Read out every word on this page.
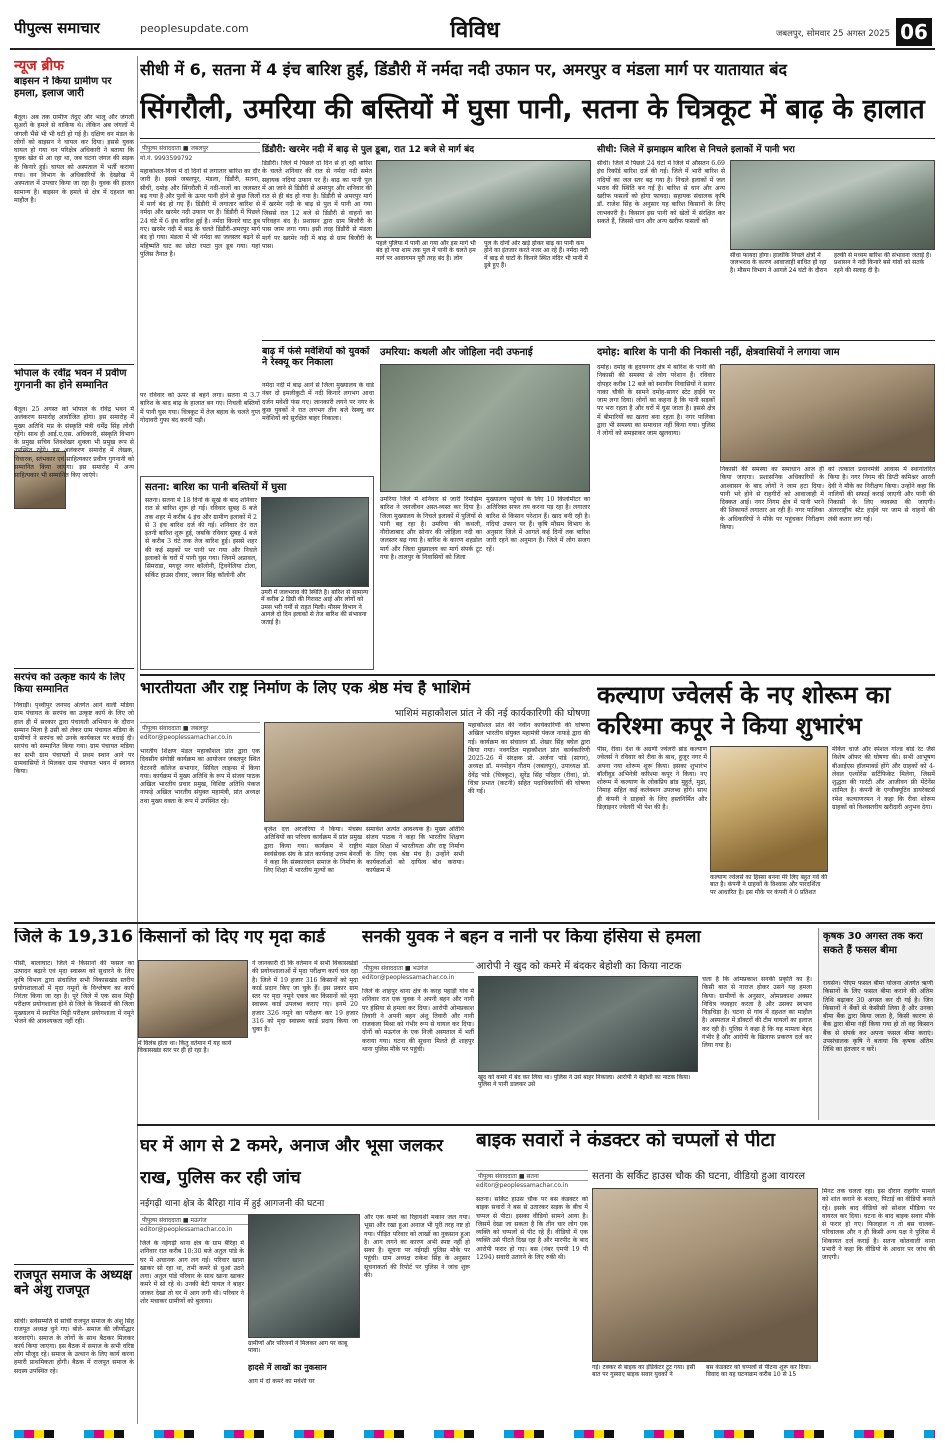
पीपुल्स समाचार	peoplesupdate.com	विविध	जबलपुर, सोमवार 25 अगस्त 2025 06
न्यूज ब्रीफ
बाइसन ने किया ग्रामीण पर हमला, इलाज जारी
बैतूल। अब तक ग्रामीण तेंदुए और भालू और जंगली सुअरों के हमले से वाकिफ थे। लेकिन अब जंगलों में जंगली भैंसे भी भी घटी हो गई है। दक्षिण वन मंडल के लोगों को बाइसन ने घायल कर दिया। इससे युवक घायल हो गया वन परिक्षेत्र अधिकारी ने बताया कि युवक खेत से आ रहा था, जब घटना जंगल की सड़क के किनारे हुई। घायल को अस्पताल में भर्ती कराया गया। वन विभाग के अधिकारियों के देखरेख में अस्पताल में उपचार किया जा रहा है। युवक की हालत सामान्य है। बाइसन के हमले से क्षेत्र में दहशत का माहौल है।
भोपाल के रवींद्र भवन में प्रवीण गुगनानी का होने सम्मानित
बैतूल। 25 अगस्त को भोपाल के रविंद्र भवन में अलंकरण समारोह आयोजित होगा। इस समारोह में मुख्य अतिथि मप्र के संस्कृति मंत्री धर्मेंद्र सिंह लोधी रहेंगे। साथ ही आई.ए.एस. अधिकारी, संस्कृति विभाग के प्रमुख सचिव शिवशेखर शुक्ला भी प्रमुख रूप से उपस्थित रहेंगे। इस अलंकरण समारोह में लेखक, विचारक, स्तंभकार एवं साहित्यकार प्रवीण गुगनानी को सम्मानित किया जाएगा। इस समारोह में अन्य साहित्यकार भी सम्मानित किए जाएंगे।
सरपंच को उत्कृष्ट कार्य के लिए किया सम्मानित
निवाड़ी। पृथ्वीपुर जनपद अंतर्गत आने वाली मडिया ग्राम पंचायत के सरपंच का उत्कृष्ट कार्य के लिए जो हाल ही में सरकार द्वारा पंचायती अभियान के दौरान सम्मान मिला है उसी को लेकर ग्राम पंचायत मडिया के ग्रामीणों ने सरपंच को उनके कार्यकाल पर बधाई दी। सरपंच को सम्मानित किया गया। ग्राम पंचायत मडिया का सभी ग्राम पंचायतों में प्रथम स्थान आने पर ग्रामवासियों ने मिलकर ग्राम पंचायत भवन में स्वागत किया।
राजपूत समाज के अध्यक्ष बने अंशु राजपूत
सांची। सर्वसम्मति से सांची राजपूत समाज के अंशु सिंह राजपूत अध्यक्ष चुने गए। बोले- समाज की जीर्णोद्धार करवाएंगे। समाज के लोगों के साथ बैठकर मिलकर कार्य किया जाएगा। इस बैठक में समाज के सभी वरिष्ठ लोग मौजूद रहे। समाज के उत्थान के लिए कार्य करना हमारी प्राथमिकता होगी। बैठक में राजपूत समाज के सदस्य उपस्थित रहे।
सीधी में 6, सतना में 4 इंच बारिश हुई, डिंडौरी में नर्मदा नदी उफान पर, अमरपुर व मंडला मार्ग पर यातायात बंद
सिंगरौली, उमरिया की बस्तियों में घुसा पानी, सतना के चित्रकूट में बाढ़ के हालात
पीपुल्स संवाददाता ■ जबलपुर
मो.नं. 9993599792
महाकोशल-विंध्य में दो दिनों से लगातार बारिश का दौर जारी है। इससे जबलपुर, मंडला, डिंडौरी, सतना, सीधी, दमोह और सिंगरौली में नदी-नालों का जलस्तर बढ़ गया है और पुलों के ऊपर पानी होने से कुछ जिलों में मार्ग बंद हो गए हैं। डिंडौरी में लगातार बारिश से नर्मदा और खरमेर नदी उफान पर हैं। डिंडौरी में पिछले 24 घंटे में 6 इंच बारिश हुई है। नर्मदा किनारे घाट डूब गए। खरमेर नदी में बाढ़ के चलते डिंडौरी-अमरपुर मार्ग बंद हो गया। मंडला में भी नर्मदा का जलस्तर बढ़ने से महिष्मति घाट का छोटा रपटा पुल डूब गया। यहां पुलिस तैनात है।
डिंडौरी: खरमेर नदी में बाढ़ से पुल डूबा, रात 12 बजे से मार्ग बंद
डिंडौरी। जिले में पिछले दो दिन से हो रही बारिश के चलते शनिवार की रात से नर्मदा नदी समेत सहायक नदियां उफान पर हैं। बाढ़ का पानी पुल में आ जाने से डिंडौरी से अमरपुर और शनिवार की रात से ही बंद हो गया है। डिंडौरी से अमरपुर मार्ग में खरमेर नदी के बाढ़ से पुल में पानी आ गया जिससे रात 12 बजे से डिंडौरी से वाहनों का परिवहन बंद है। प्रशासन द्वारा ग्राम बिजौरी के पास जाम लगा गया। इसी तरह डिंडौरी से मंडला मार्ग पर खरमेर नदी में बाढ़ से ग्राम बिजौरी के पास।	पहले पुलिया में पानी आ गया और इस मार्ग भी बंद हो गया शाम तक पुल में पानी के चलते हम मार्ग पर आवागमन पूरी तरह बंद है। लोग
पुल के दोनों ओर खड़े होकर बाढ़ का पानी कम होने का इंतजार करते नजर आ रहे हैं। नर्मदा नदी में बाढ़ से घाटों के किनारे स्थित मंदिर भी पानी में डूबे हुए हैं।
सीधी: जिले में झमाझम बारिश से निचले इलाकों में पानी भरा
सीधी। जिले में पिछले 24 घंटों में जिले में औसतन 6.69 इंच रिकॉर्ड बारिश दर्ज की गई। जिले में भारी बारिश से नदियों का जल स्तर बढ़ गया है। निचले इलाकों में जल भराव की स्थिति बन गई है। बारिश से धान और अन्य खरीफ फसलों को होगा फायदा। सहायक संचालक कृषि डॉ. राजेश सिंह के अनुसार यह बारिश किसानों के लिए लाभकारी है। किसान इस पानी को खेतों में संरक्षित कर सकते हैं, जिससे धान और अन्य खरीफ फसलों को
सीधा फायदा होगा। हालांकि निचले क्षेत्रों में जलभराव के कारण आवाजाही बाधित हो रहा है। मौसम विभाग ने आगले 24 घंटों के दौरान
हल्की से मध्यम बारिश की संभावना जताई है। प्रशासन ने नदी किनारे बसे गांवों को सतर्क रहने की सलाह दी है।
बाढ़ में फंसे मवेशियों को युवकों ने रेस्क्यू कर निकाला
नर्मदा नदी में बाढ़ आने से जिला मुख्यालय के वार्ड नंबर दो इमलीकुटी में नदी किनारे लगभग आधा दर्जन मवेशी फंस गए। जानकारी लगने पर नगर के कुछ युवकों ने रात लगभग तीन बजे रेस्क्यू कर मवेशियों को सुरक्षित बाहर निकाला।
पर रविवार को ऊपर से बहने लगा। सतना में 3.7 बारिश के बाद बाढ़ के हालात बन गए। निचली बस्तियों में पानी घुस गया। चित्रकूट में तेज बहाव के चलते गुप्त गोदावरी गुफा बंद करनी पड़ी।
सतना: बारिश का पानी बस्तियों में घुसा
सतना। सतना में 18 दिनों के सूखे के बाद शनिवार रात से बारिश शुरू हो गई। रविवार सुबह 8 बजे तक शहर में करीब 4 इंच और ग्रामीण इलाकों में 2 से 3 इंच बारिश दर्ज की गई। शनिवार देर रात इतनी बारिश शुरू हुई, जबकि रविवार सुबह 4 बजे से करीब 3 घंटे तक तेज बारिश हुई। इससे शहर की कई सड़कों पर पानी भर गया और निचले इलाकों के घरों में पानी घुस गया। जिनमें अप्रावल, सिमराडा, मगदूर नगर कॉलोनी, ट्रिवनेलिया टोला, सर्किट हाउस दीवार, जवान सिंह कॉलोनी और
उमरी में जलभराव की स्थिति है। बारिश से सामान्य में करीब 2 डिग्री की गिरावट आई और लोगों को उमस भरी गर्मी से राहत मिली। मौसम विभाग ने आगले दो दिन इलाकों से तेज बारिश की संभावना जताई है।
उमरिया: कथली और जोहिला नदी उफनाई
उमरिया जिले में शनिवार से जारी रिमझिम बारिश ने जनजीवन अस्त-व्यस्त कर दिया है। जिला मुख्यालय के निचले इलाकों में पुलियों से पानी बह रहा है। उमरिया की कथली, नौरोजाबाद और सोनार की जोहिला नदी का जलस्तर बढ़ गया है। बारिश के कारण शहडोल मार्ग और जिला मुख्यालय का मार्ग संपर्क टूट गया है। तालपुर के निवासियों को जिला
मुख्यालय पहुंचने के लिए 10 किलोमीटर का अतिरिक्त सफर तय करना पड़ रहा है। लगातार बारिश से किसान परेशान हैं। खाद बनी रही है। नदियां उफान पर हैं। कृषि मौसम विभाग के अनुसार जिले में आगले कई दिनों तक बारिश जारी रहने का अनुमान है। जिले में लोग सजग रहें।
दमोह: बारिश के पानी की निकासी नहीं, क्षेत्रवासियों ने लगाया जाम
दमोह। दमोह के हृदयनगर क्षेत्र में बारिश के पानी की निकासी की समस्या से लोग परेशान हैं। रविवार दोपहर करीब 12 बजे को स्थानीय निवासियों ने सागर नाका चौकी के सामने दमोह-सागर स्टेट हाईवे पर जाम लगा दिया। लोगों का कहना है कि पानी सड़कों पर भरा रहता है और घरों में घुस जाता है। इससे क्षेत्र में बीमारियों का खतरा बना रहता है। नगर पालिका द्वारा भी समस्या का समाधान नहीं किया गया। पुलिस ने लोगों को समझाकर जाम खुलवाया।
निकासी की समस्या का समाधान आज ही किया जाएगा। प्रशासनिक अधिकारियों के आश्वासन के बाद लोगों ने जाम हटा दिया। पानी भरे होने से राहगीरों को आवाजाही में दिक्कत आई। नगर निगम क्षेत्र में पानी भरने की शिकायतें लगातार आ रही हैं। नगर पालिका के अधिकारियों ने मौके पर पहुंचकर निरीक्षण किया।
को तत्काल प्रधानमंत्री आवास में स्थानांतरित किया है। नगर निगम की डिप्टी कमिश्नर आरती देवी ने मौके का निरीक्षण किया। उन्होंने कहा कि नालियों की सफाई कराई जाएगी और पानी की निकासी के लिए व्यवस्था की जाएगी। अंतरराष्ट्रीय स्टेट हाईवे पर जाम से वाहनों की लंबी कतार लग गई।
भारतीयता और राष्ट्र निर्माण के लिए एक श्रेष्ठ मंच है भाशिमं
भाशिमं महाकौशल प्रांत ने की नई कार्यकारिणी की घोषणा
पीपुल्स संवाददाता ■ जबलपुर
editor@peoplessamachar.co.in
भारतीय शिक्षण मंडल महाकौशल प्रांत द्वारा एक दिवसीय संगोष्ठी कार्यक्रम का आयोजन जबलपुर स्थित वेटरनरी कॉलेज सभागार, सिविल लाइन्स में किया गया। कार्यक्रम में मुख्य अतिथि के रूप में संजय पाठक अखिल भारतीय प्रचार प्रमुख, विशिष्ट अतिथि पंकज नाफड़े अखिल भारतीय संयुक्त महामंत्री, प्रांत अध्यक्ष तथा मुख्य वक्ता के रूप में उपस्थित रहे।
बृजेश दत्त अरजरिया ने किया। मंचस्थ अतिथियों का परिचय कार्यक्रम में प्रांत प्रमुख द्वारा किया गया। कार्यक्रम में राष्ट्रीय स्वयंसेवक संघ के प्रांत कार्यवाह उत्तम बेनर्जी ने कहा कि संस्कारवान समाज के निर्माण के लिए शिक्षा में भारतीय मूल्यों का
समावेश अत्यंत आवश्यक है। मुख्य अतिथि संजय पाठक ने कहा कि भारतीय शिक्षण मंडल शिक्षा में भारतीयता और राष्ट्र निर्माण के लिए एक श्रेष्ठ मंच है। उन्होंने सभी कार्यकर्ताओं को दायित्व बोध कराया। कार्यक्रम में
महाकौशल प्रांत की नवीन कार्यकारिणी की घोषणा अखिल भारतीय संयुक्त महामंत्री पंकज नाफड़े द्वारा की गई। कार्यक्रम का संचालन डॉ. शेखर सिंह बघेल द्वारा किया गया। नवगठित महाकौशल प्रांत कार्यकारिणी 2025-26 में संरक्षक प्रो. अर्जना पांडे (सागर), अध्यक्ष डॉ. मनमोहन गौतम (जबलपुर), उपाध्यक्ष डॉ. देवेंद्र पांडे (चित्रकूट), सुरेंद्र सिंह परिहार (रीवा), प्रो. चित्रा प्रभात (कटनी) सहित पदाधिकारियों की घोषणा की गई।
कल्याण ज्वेलर्स के नए शोरूम का करिश्मा कपूर ने किया शुभारंभ
पीस, रीवा। देश के अग्रणी ज्वेलरी ब्रांड कल्याण ज्वेलर्स ने रविवार को रीवा के बाथ, हुजूर नगर में अपना नया शोरूम शुरू किया। इसका शुभारंभ बॉलीवुड अभिनेत्री करिश्मा कपूर ने किया। नए शोरूम में कल्याण के लोकप्रिय ब्रांड मुहूर्त, मुद्रा, निमाह सहित कई कलेक्शन उपलब्ध होंगे। साथ ही कंपनी ने ग्राहकों के लिए हस्तनिर्मित और डिज़ाइनर ज्वेलरी भी पेश की है।
कल्याण ज्वेलर्स का हिस्सा बनना मेरे लिए बहुत गर्व की बात है। कंपनी ने ग्राहकों के विश्वास और पारदर्शिता पर आधारित है। इस मौके पर कंपनी ने 0 प्रतिशत
मेकिंग चार्ज और स्पेशल गोल्ड बोर्ड रेट जैसे विशेष ऑफर की घोषणा की। सभी आभूषण बीआईएस हॉलमार्क्ड होंगे और ग्राहकों को 4-लेवल एश्योरेंस सर्टिफिकेट मिलेगा, जिसमें शुद्धता की गारंटी और आजीवन फ्री मेंटेनेंस शामिल है। कंपनी के एग्जीक्यूटिव डायरेक्टर्स रमेश कल्याणरमन ने कहा कि रीवा शोरूम ग्राहकों को विश्वस्तरीय खरीदारी अनुभव देगा।
जिले के 19,316 किसानों को दिए गए मृदा कार्ड
पीसीं, बालाघाट। जिले में किसानों की फसल का उत्पादन बढ़ाने एवं मृदा स्वास्थ्य को सुधारने के लिए कृषि विभाग द्वारा संचालित सभी विकासखंड स्तरीय प्रयोगशालाओं में मृदा नमूनों के विश्लेषण का कार्य निरंतर किया जा रहा है। पूरे जिले में एक साथ मिट्टी परीक्षण प्रयोगशाला होने से जिले के किसानों की जिला मुख्यालय में स्थापित मिट्टी परीक्षण प्रयोगशाला में नमूने भेजने की आवश्यकता नहीं रही।
में विलंब होता था। किंतु वर्तमान में यह कार्य विकासखंड स्तर पर ही हो रहा है।
ने जानकारी दी कि वर्तमान में सभी विकासखंडों की प्रयोगशालाओं में मृदा परीक्षण कार्य चल रहा है। जिले में 19 हजार 316 किसानों को मृदा कार्ड प्रदान किए जा चुके हैं। इस प्रकार ग्राम स्तर पर मृदा नमूने एकत्र कर किसानों को मृदा स्वास्थ्य कार्ड उपलब्ध कराए गए। इनमें 20 हजार 326 नमूने का परीक्षण कर 19 हजार 316 को मृदा स्वास्थ्य कार्ड प्रदाय किया जा चुका है।
सनकी युवक ने बहन व नानी पर किया हंसिया से हमला
पीपुल्स संवाददाता ■ भउगंज
editor@peoplessamachar.co.in
आरोपी ने खुद को कमरे में बंदकर बेहोशी का किया नाटक
जिले के शाहपुर थाना क्षेत्र के करह पहाड़ी गांव में शनिवार रात एक युवक ने अपनी बहन और नानी पर हंसिया से हमला कर दिया। आरोपी ओमप्रकाश तिवारी ने अपनी बहन अंशु तिवारी और नानी राजकला मिश्रा को गंभीर रूप से घायल कर दिया। दोनों को मऊगंज के एक निजी अस्पताल में भर्ती कराया गया। घटना की सूचना मिलते ही शाहपुर थाना पुलिस मौके पर पहुंची।
खुद को कमरे में बंद कर लिया था। पुलिस ने उसे बाहर निकाला। आरोपी ने बेहोशी का नाटक किया। पुलिस ने पानी डालकर उसे
चला है कि ओमप्रकाश सनकी प्रकृति का है। किसी बात से नाराज होकर उसने यह हमला किया। ग्रामीणों के अनुसार, ओमप्रकाश अक्सर विचित्र व्यवहार करता है और उसका स्वभाव चिड़चिड़ा है। घटना से गांव में दहशत का माहौल है। अस्पताल में डॉक्टरों की टीम घायलों का इलाज कर रही है। पुलिस ने कहा है कि यह मामला बेहद गंभीर है और आरोपी के खिलाफ प्रकरण दर्ज कर लिया गया है।
कृषक 30 अगस्त तक करा सकते हैं फसल बीमा
रायसेन। पीएम फसल बीमा योजना अंतर्गत ऋणी किसानों के लिए फसल बीमा कराने की अंतिम तिथि बढ़ाकर 30 अगस्त कर दी गई है। जिन किसानों ने बैंकों से केसीसी लिया है और उनका बीमा बैंक द्वारा किया जाता है, किसी कारण से बैंक द्वारा बीमा नहीं किया गया हो तो वह किसान बैंक से संपर्क कर अपना फसल बीमा कराएं। उपसंचालक कृषि ने बताया कि कृषक अंतिम तिथि का इंतजार न करें।
घर में आग से 2 कमरे, अनाज और भूसा जलकर राख, पुलिस कर रही जांच
नईगढ़ी थाना क्षेत्र के बैरिहा गांव में हुई आगजनी की घटना
पीपुल्स संवाददाता ■ मऊगंज
editor@peoplessamachar.co.in
जिले के नईगढ़ी थाना क्षेत्र के ग्राम बैरिहा में शनिवार रात करीब 10:30 बजे अतुल पांडे के घर में अचानक आग लग गई। परिवार खाना खाकर सो रहा था, तभी कमरे से धुआं उठने लगा। अतुल पांडे परिवार के साथ खाना खाकर कमरे में सो रहे थे। उनकी बेटी पायल ने बाहर जाकर देखा तो घर में आग लगी थी। परिवार ने शोर मचाकर ग्रामीणों को बुलाया।
ग्रामीणों और परिजनों ने मिलकर आग पर काबू पाया।
हादसे में लाखों का नुकसान
आग में दो कमरे का मवेशी घर
और एक कमरे का रिहायशी मकान जल गया। भूसा और रखा हुआ अनाज भी पूरी तरह नष्ट हो गया। पीड़ित परिवार को लाखों का नुकसान हुआ है। आग लगने का कारण अभी स्पष्ट नहीं हो सका है। सूचना पर नईगढ़ी पुलिस मौके पर पहुंची। ग्राम अध्यक्ष राकेश सिंह के अनुसार सूचनाकर्ता की रिपोर्ट पर पुलिस ने जांच शुरू की।
बाइक सवारों ने कंडक्टर को चप्पलों से पीटा
पीपुल्स संवाददाता ■ सतना
editor@peoplessamachar.co.in
सतना के सर्किट हाउस चौक की घटना, वीडियो हुआ वायरल
सतना। सर्किट हाउस चौक पर बस कंडक्टर को बाइक सवारों ने बस से उतारकर सड़क के बीच में चप्पल से पीटा। इसका वीडियो सामने आया है। जिसमें देखा जा सकता है कि तीन चार लोग एक व्यक्ति को चप्पलों से पीट रहे हैं। वीडियो में एक व्यक्ति उसे पीटते दिख रहा है और मारपीट के बाद आरोपी फरार हो गए। बस (नंबर एमपी 19 पी 1294) सवारी उतारने के लिए रुकी थी।
गई। टक्कर से बाइक का इंडिकेटर टूट गया। इसी बात पर गुस्साए बाइक सवार युवकों ने
बस कंडक्टर को चप्पलों से पीटना शुरू कर दिया। विवाद का यह घटनाक्रम करीब 10 से 15
मिनट तक चलता रहा। इस दौरान राहगीर मामले को शांत कराने के बजाए, पिटाई का वीडियो बनाते रहे। इसके बाद वीडियो को सोशल मीडिया पर वायरल कर दिया। घटना के बाद बाइक सवार मौके से फरार हो गए। फिलहाल न तो बस चालक-परिचालक और न ही किसी अन्य पक्ष ने पुलिस में शिकायत दर्ज कराई है। सतना कोतवाली थाना प्रभारी ने कहा कि वीडियो के आधार पर जांच की जाएगी।
